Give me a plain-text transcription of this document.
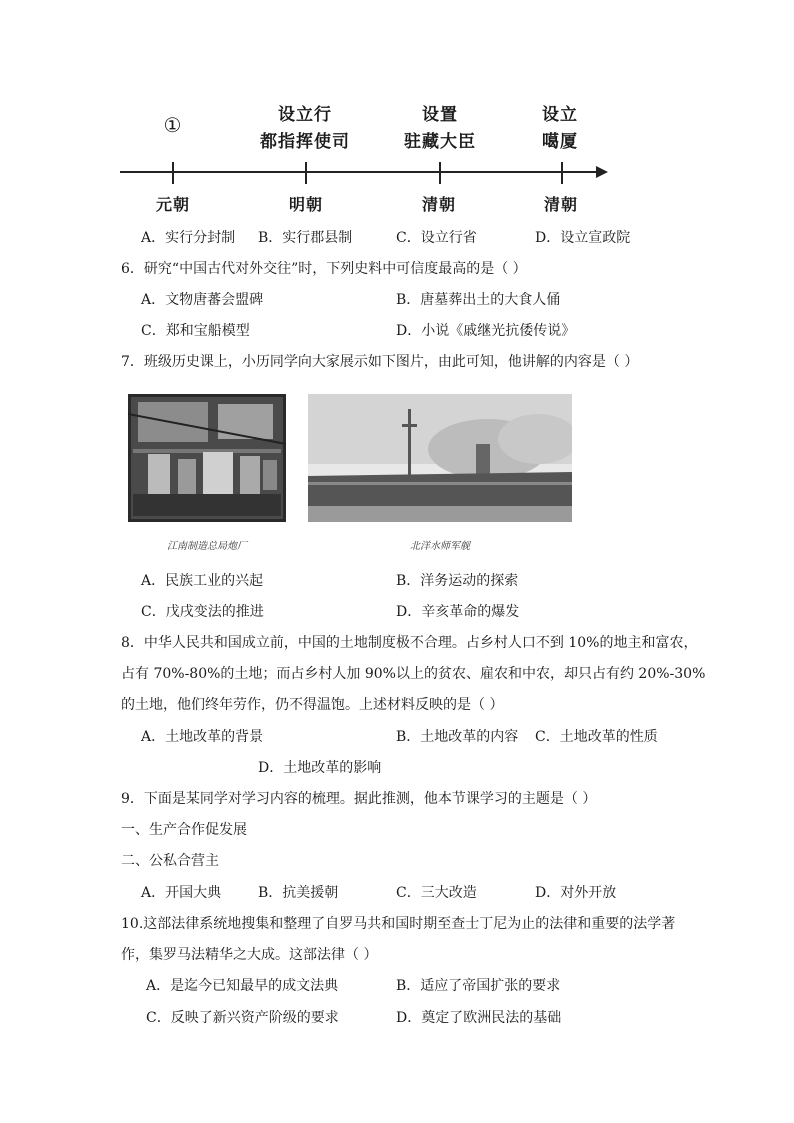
①	设立行
都指挥使司
设置
驻藏大臣
设立
噶厦
元朝	明朝	清朝	清朝
A．实行分封制 B．实行郡县制	C．设立行省	D．设立宣政院
6．研究“中国古代对外交往”时，下列史料中可信度最高的是（ ）
A．文物唐蕃会盟碑	B．唐墓葬出土的大食人俑
C．郑和宝船模型	D．小说《戚继光抗倭传说》
7．班级历史课上，小历同学向大家展示如下图片，由此可知，他讲解的内容是（ ）
江南制造总局炮厂	北洋水师军舰
A．民族工业的兴起	B．洋务运动的探索
C．戊戌变法的推进	D．辛亥革命的爆发
8．中华人民共和国成立前，中国的土地制度极不合理。占乡村人口不到 10%的地主和富农，
占有 70%-80%的土地；而占乡村人加 90%以上的贫农、雇农和中农，却只占有约 20%-30%
的土地，他们终年劳作，仍不得温饱。上述材料反映的是（ ）
A．土地改革的背景	B．土地改革的内容 C．土地改革的性质
D．土地改革的影响
9．下面是某同学对学习内容的梳理。据此推测，他本节课学习的主题是（ ）
一、生产合作促发展
二、公私合营主
A．开国大典	B．抗美援朝	C．三大改造	D．对外开放
10.这部法律系统地搜集和整理了自罗马共和国时期至查士丁尼为止的法律和重要的法学著
作，集罗马法精华之大成。这部法律（ ）
A．是迄今已知最早的成文法典	B．适应了帝国扩张的要求
C．反映了新兴资产阶级的要求	D．奠定了欧洲民法的基础
